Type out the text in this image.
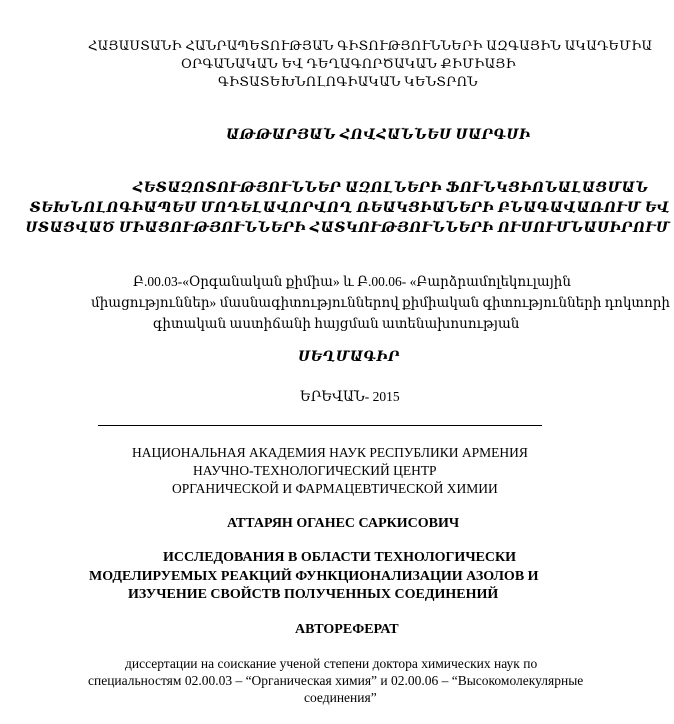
ՀԱՅԱՍՏԱՆԻ ՀԱՆՐԱՊԵՏՈՒԹՅԱՆ ԳԻՏՈՒԹՅՈՒՆՆԵՐԻ ԱԶԳԱՅԻՆ ԱԿԱԴԵՄԻԱ
ՕՐԳԱՆԱԿԱՆ ԵՎ ԴԵՂԱԳՈՐԾԱԿԱՆ ՔԻՄԻԱՅԻ
ԳԻՏԱՏԵԽՆՈԼՈԳԻԱԿԱՆ ԿԵՆՏՐՈՆ
ԱԹԹԱՐՅԱՆ ՀՈՎՀԱՆՆԵՍ ՍԱՐԳՍԻ
ՀԵՏԱԶՈՏՈՒԹՅՈՒՆՆԵՐ ԱԶՈԼՆԵՐԻ ՖՈՒՆԿՑԻՈՆԱԼԱՑՄԱՆ
ՏԵԽՆՈԼՈԳԻԱՊԵՍ ՄՈԴԵԼԱՎՈՐՎՈՂ ՌԵԱԿՑԻԱՆԵՐԻ ԲՆԱԳԱՎԱՌՈՒՄ ԵՎ
ՍՏԱՑՎԱԾ ՄԻԱՑՈՒԹՅՈՒՆՆԵՐԻ ՀԱՏԿՈՒԹՅՈՒՆՆԵՐԻ ՈՒՍՈՒՄՆԱՍԻՐՈՒՄ
Բ.00.03-«Օրգանական քիմիա» և Բ.00.06- «Բարձրամոլեկուլային
միացություններ» մասնագիտություններով քիմիական գիտությունների դոկտորի
գիտական աստիճանի հայցման ատենախոսության
ՍԵՂՄԱԳԻՐ
ԵՐԵՎԱՆ- 2015
НАЦИОНАЛЬНАЯ АКАДЕМИЯ НАУК РЕСПУБЛИКИ АРМЕНИЯ
НАУЧНО-ТЕХНОЛОГИЧЕСКИЙ ЦЕНТР
ОРГАНИЧЕСКОЙ И ФАРМАЦЕВТИЧЕСКОЙ ХИМИИ
АТТАРЯН ОГАНЕС САРКИСОВИЧ
ИССЛЕДОВАНИЯ В ОБЛАСТИ ТЕХНОЛОГИЧЕСКИ
МОДЕЛИРУЕМЫХ РЕАКЦИЙ ФУНКЦИОНАЛИЗАЦИИ АЗОЛОВ И
ИЗУЧЕНИЕ СВОЙСТВ ПОЛУЧЕННЫХ СОЕДИНЕНИЙ
АВТОРЕФЕРАТ
диссертации на соискание ученой степени доктора химических наук по
специальностям 02.00.03 – “Органическая химия” и 02.00.06 – “Высокомолекулярные
соединения”
